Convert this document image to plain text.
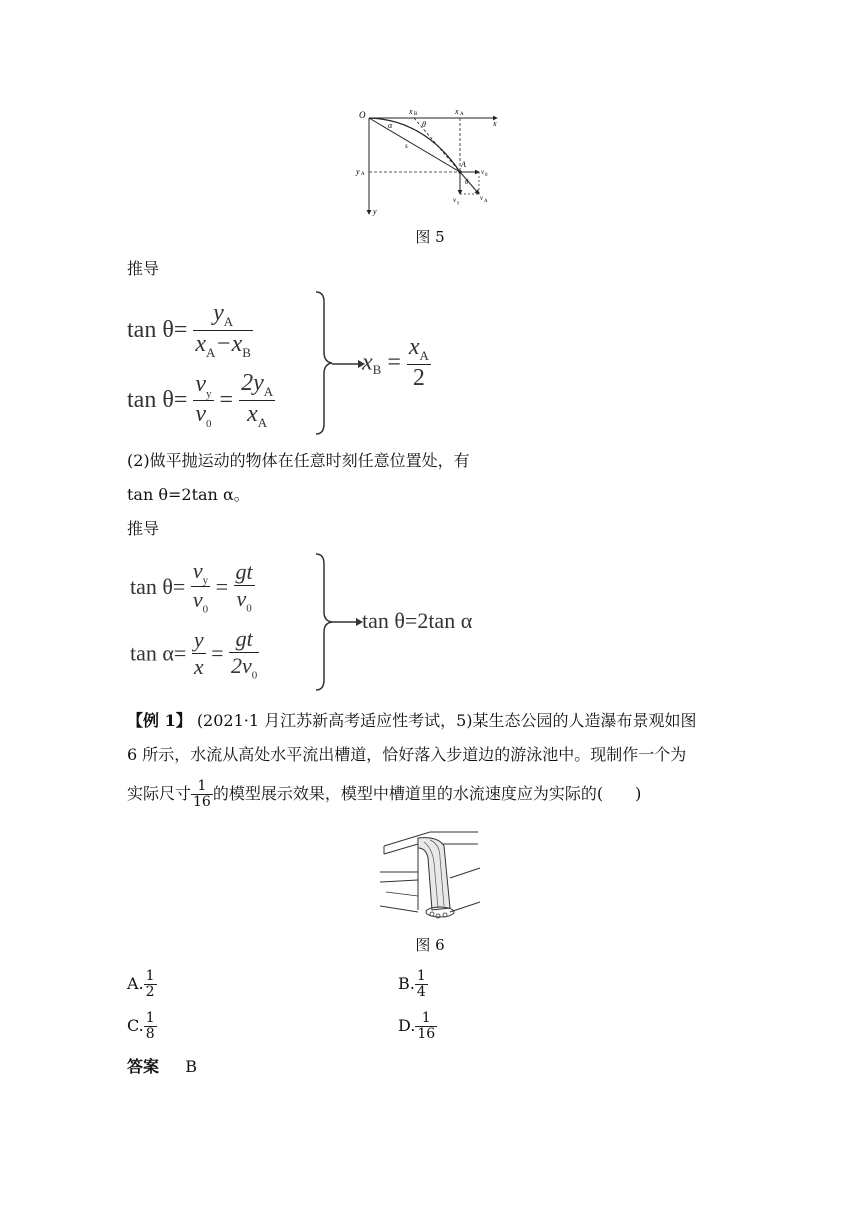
O	x B	x A
x
y
y A
α	θ
s
A
v 0
θ
v y
v A
图 5
推导
$\tan \theta= \frac{y_A}{x_A-x_B}$
$\tan \theta= \frac{v_y}{v_0} = \frac{2y_A}{x_A}$
$x_B = \frac{x_A}{2}$
(2)做平抛运动的物体在任意时刻任意位置处，有
tan θ=2tan α。
推导
$\tan \theta= \frac{v_y}{v_0} = \frac{gt}{v_0}$
$\tan \alpha= \frac{y}{x} = \frac{gt}{2v_0}$
tan θ=2tan α
【例 1】 (2021·1 月江苏新高考适应性考试，5)某生态公园的人造瀑布景观如图
6 所示，水流从高处水平流出槽道，恰好落入步道边的游泳池中。现制作一个为
实际尺寸 $\frac{1}{16}$ 的模型展示效果，模型中槽道里的水流速度应为实际的(　　)
图 6
A. $\frac{1}{2}$	B. $\frac{1}{4}$
C. $\frac{1}{8}$	D. $\frac{1}{16}$
答案 B
